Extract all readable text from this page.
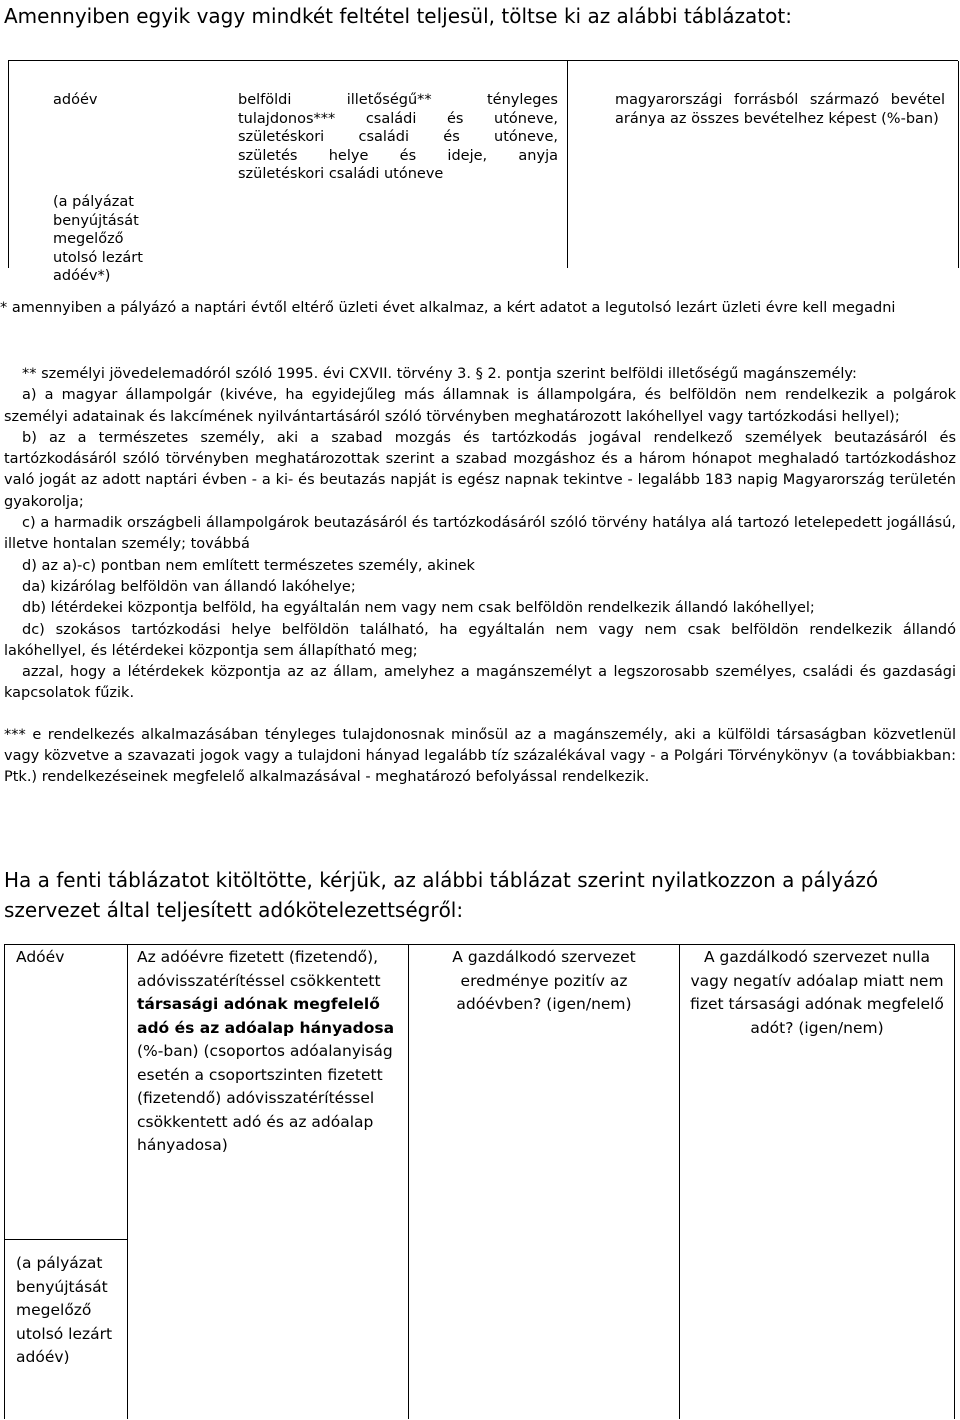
Amennyiben egyik vagy mindkét feltétel teljesül, töltse ki az alábbi táblázatot:
adóév
(a pályázat benyújtását megelőző utolsó lezárt adóév*)
belföldi illetőségű** tényleges
tulajdonos*** családi és utóneve,
születéskori családi és utóneve,
születés helye és ideje, anyja
születéskori családi utóneve
magyarországi forrásból származó bevétel aránya az összes bevételhez képest (%-ban)
* amennyiben a pályázó a naptári évtől eltérő üzleti évet alkalmaz, a kért adatot a legutolsó lezárt üzleti évre kell megadni

** személyi jövedelemadóról szóló 1995. évi CXVII. törvény 3. § 2. pontja szerint belföldi illetőségű magánszemély:

a) a magyar állampolgár (kivéve, ha egyidejűleg más államnak is állampolgára, és belföldön nem rendelkezik a polgárok személyi adatainak és lakcímének nyilvántartásáról szóló törvényben meghatározott lakóhellyel vagy tartózkodási hellyel);

b) az a természetes személy, aki a szabad mozgás és tartózkodás jogával rendelkező személyek beutazásáról és tartózkodásáról szóló törvényben meghatározottak szerint a szabad mozgáshoz és a három hónapot meghaladó tartózkodáshoz való jogát az adott naptári évben - a ki- és beutazás napját is egész napnak tekintve - legalább 183 napig Magyarország területén gyakorolja;

c) a harmadik országbeli állampolgárok beutazásáról és tartózkodásáról szóló törvény hatálya alá tartozó letelepedett jogállású, illetve hontalan személy; továbbá

d) az a)-c) pontban nem említett természetes személy, akinek

da) kizárólag belföldön van állandó lakóhelye;

db) létérdekei központja belföld, ha egyáltalán nem vagy nem csak belföldön rendelkezik állandó lakóhellyel;

dc) szokásos tartózkodási helye belföldön található, ha egyáltalán nem vagy nem csak belföldön rendelkezik állandó lakóhellyel, és létérdekei központja sem állapítható meg;

azzal, hogy a létérdekek központja az az állam, amelyhez a magánszemélyt a legszorosabb személyes, családi és gazdasági kapcsolatok fűzik.

*** e rendelkezés alkalmazásában tényleges tulajdonosnak minősül az a magánszemély, aki a külföldi társaságban közvetlenül vagy közvetve a szavazati jogok vagy a tulajdoni hányad legalább tíz százalékával vagy - a Polgári Törvénykönyv (a továbbiakban: Ptk.) rendelkezéseinek megfelelő alkalmazásával - meghatározó befolyással rendelkezik.

Ha a fenti táblázatot kitöltötte, kérjük, az alábbi táblázat szerint nyilatkozzon a pályázó szervezet által teljesített adókötelezettségről:
Adóév	Az adóévre fizetett (fizetendő), adóvisszatérítéssel csökkentett társasági adónak megfelelő adó és az adóalap hányadosa (%-ban) (csoportos adóalanyiság esetén a csoportszinten fizetett (fizetendő) adóvisszatérítéssel csökkentett adó és az adóalap hányadosa)
A gazdálkodó szervezet eredménye pozitív az adóévben? (igen/nem)
A gazdálkodó szervezet nulla vagy negatív adóalap miatt nem fizet társasági adónak megfelelő adót? (igen/nem)
(a pályázat benyújtását megelőző utolsó lezárt adóév)
